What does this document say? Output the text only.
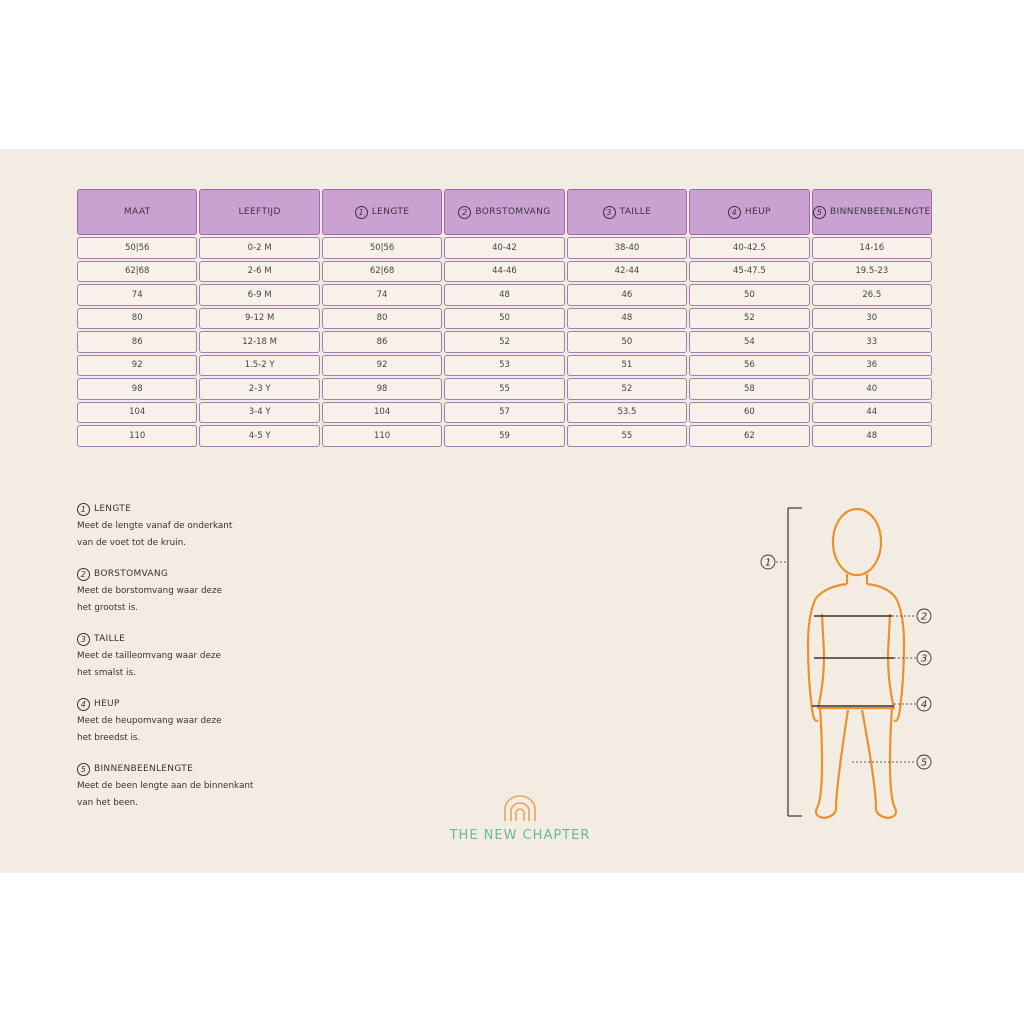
MAAT	LEEFTIJD	1 LENGTE	2 BORSTOMVANG	3 TAILLE	4 HEUP	5 BINNENBEENLENGTE
50|56	0-2 M	50|56	40-42	38-40	40-42.5	14-16
62|68	2-6 M	62|68	44-46	42-44	45-47.5	19.5-23
74	6-9 M	74	48	46	50	26.5
80	9-12 M	80	50	48	52	30
86	12-18 M	86	52	50	54	33
92	1.5-2 Y	92	53	51	56	36
98	2-3 Y	98	55	52	58	40
104	3-4 Y	104	57	53.5	60	44
110	4-5 Y	110	59	55	62	48
1 LENGTE
Meet de lengte vanaf de onderkant
van de voet tot de kruin.
2 BORSTOMVANG
Meet de borstomvang waar deze
het grootst is.
3 TAILLE
Meet de tailleomvang waar deze
het smalst is.
4 HEUP
Meet de heupomvang waar deze
het breedst is.
5 BINNENBEENLENGTE
Meet de been lengte aan de binnenkant
van het been.
THE NEW CHAPTER
1
2
3
4
5
